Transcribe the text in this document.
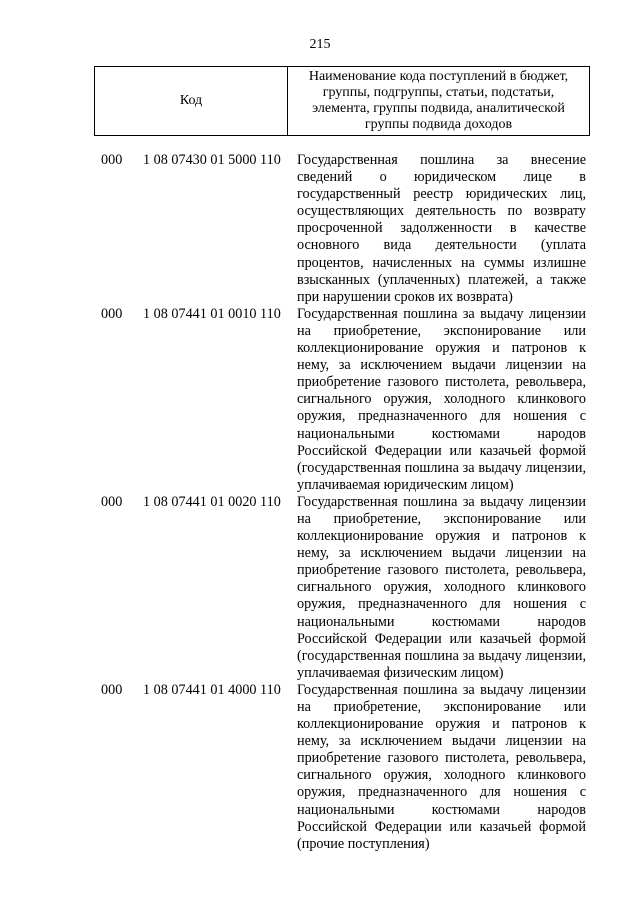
215
Код	Наименование кода поступлений в бюджет, группы, подгруппы, статьи, подстатьи, элемента, группы подвида, аналитической группы подвида доходов
000	1 08 07430 01 5000 110	Государственная пошлина за внесение сведений о юридическом лице в государственный реестр юридических лиц, осуществляющих деятельность по возврату просроченной задолженности в качестве основного вида деятельности (уплата процентов, начисленных на суммы излишне взысканных (уплаченных) платежей, а также при нарушении сроков их возврата)
000	1 08 07441 01 0010 110	Государственная пошлина за выдачу лицензии на приобретение, экспонирование или коллекционирование оружия и патронов к нему, за исключением выдачи лицензии на приобретение газового пистолета, револьвера, сигнального оружия, холодного клинкового оружия, предназначенного для ношения с национальными костюмами народов Российской Федерации или казачьей формой (государственная пошлина за выдачу лицензии, уплачиваемая юридическим лицом)
000	1 08 07441 01 0020 110	Государственная пошлина за выдачу лицензии на приобретение, экспонирование или коллекционирование оружия и патронов к нему, за исключением выдачи лицензии на приобретение газового пистолета, револьвера, сигнального оружия, холодного клинкового оружия, предназначенного для ношения с национальными костюмами народов Российской Федерации или казачьей формой (государственная пошлина за выдачу лицензии, уплачиваемая физическим лицом)
000	1 08 07441 01 4000 110	Государственная пошлина за выдачу лицензии на приобретение, экспонирование или коллекционирование оружия и патронов к нему, за исключением выдачи лицензии на приобретение газового пистолета, револьвера, сигнального оружия, холодного клинкового оружия, предназначенного для ношения с национальными костюмами народов Российской Федерации или казачьей формой (прочие поступления)
